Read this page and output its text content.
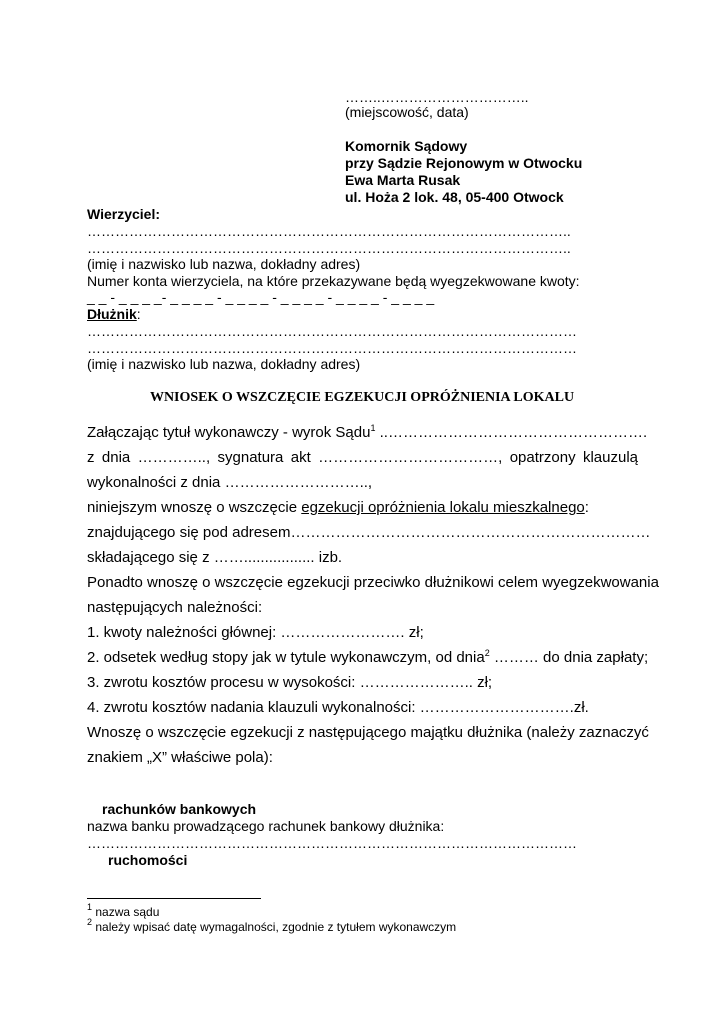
……..…………………………..
(miejscowość, data)
Komornik Sądowy
przy Sądzie Rejonowym w Otwocku
Ewa Marta Rusak
ul. Hoża 2 lok. 48, 05-400 Otwock
Wierzyciel:
…………………………………………………………………………………………..
…………………………………………………………………………………………..
(imię i nazwisko lub nazwa, dokładny adres)
Numer konta wierzyciela, na które przekazywane będą wyegzekwowane kwoty:
_ _ - _ _ _ _- _ _ _ _ - _ _ _ _ - _ _ _ _ - _ _ _ _ - _ _ _ _
Dłużnik:
……………………………………………………………………………………………
……………………………………………………………………………………………
(imię i nazwisko lub nazwa, dokładny adres)
WNIOSEK O WSZCZĘCIE EGZEKUCJI OPRÓŻNIENIA LOKALU
Załączając tytuł wykonawczy - wyrok Sądu$^1$ ..…………………………………………….
z dnia ………….., sygnatura akt ………………………………, opatrzony klauzulą
wykonalności z dnia ………………………..,
niniejszym wnoszę o wszczęcie egzekucji opróżnienia lokalu mieszkalnego:
znajdującego się pod adresem………………………………………………………………
składającego się z ……................. izb.
Ponadto wnoszę o wszczęcie egzekucji przeciwko dłużnikowi celem wyegzekwowania
następujących należności:
1. kwoty należności głównej: ……………………. zł;
2. odsetek według stopy jak w tytule wykonawczym, od dnia$^2$ ……… do dnia zapłaty;
3. zwrotu kosztów procesu w wysokości: ………………….. zł;
4. zwrotu kosztów nadania klauzuli wykonalności: ………………………….zł.
Wnoszę o wszczęcie egzekucji z następującego majątku dłużnika (należy zaznaczyć
znakiem „X” właściwe pola):
rachunków bankowych
nazwa banku prowadzącego rachunek bankowy dłużnika:
……………………………………………………………………………………………
ruchomości
$^1$ nazwa sądu
$^2$ należy wpisać datę wymagalności, zgodnie z tytułem wykonawczym
